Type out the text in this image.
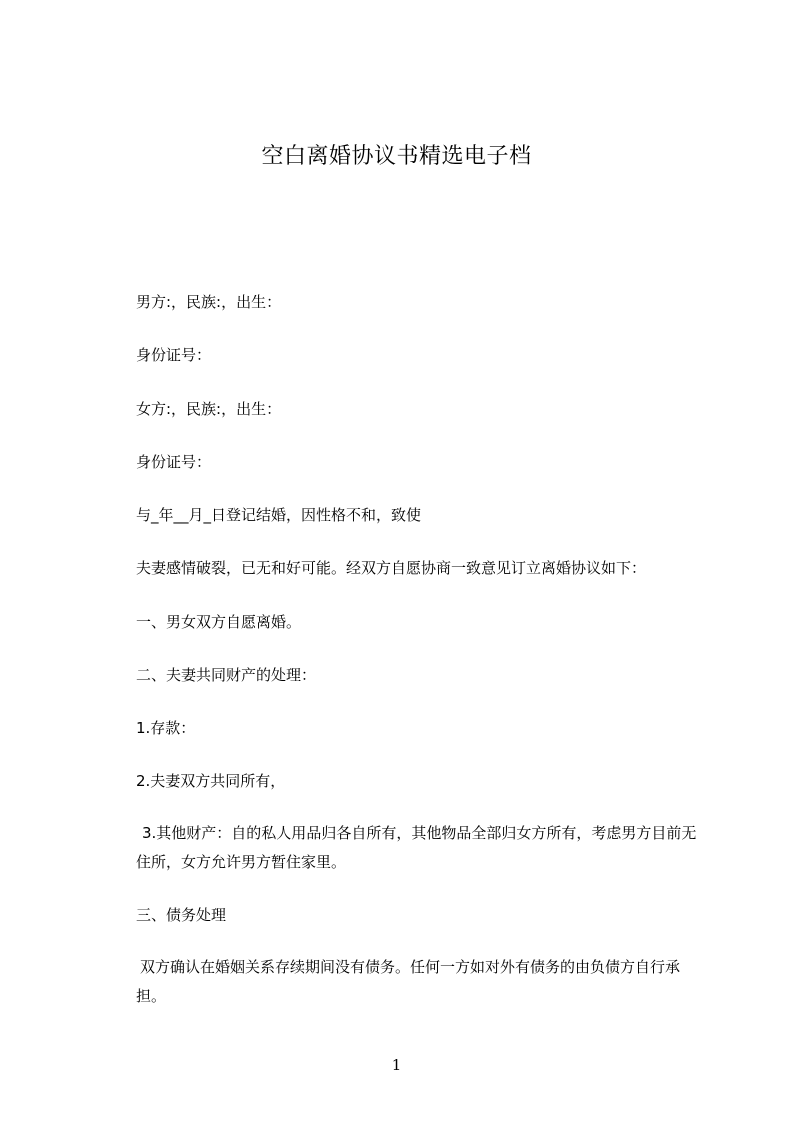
空白离婚协议书精选电子档
男方:，民族:，出生：
身份证号：
女方:，民族:，出生：
身份证号：
与_年__月_日登记结婚，因性格不和，致使
夫妻感情破裂，已无和好可能。经双方自愿协商一致意见订立离婚协议如下：
一、男女双方自愿离婚。
二、夫妻共同财产的处理：
1.存款：
2.夫妻双方共同所有，
3.其他财产：自的私人用品归各自所有，其他物品全部归女方所有，考虑男方目前无住所，女方允许男方暂住家里。
三、债务处理
双方确认在婚姻关系存续期间没有债务。任何一方如对外有债务的由负债方自行承担。
1
